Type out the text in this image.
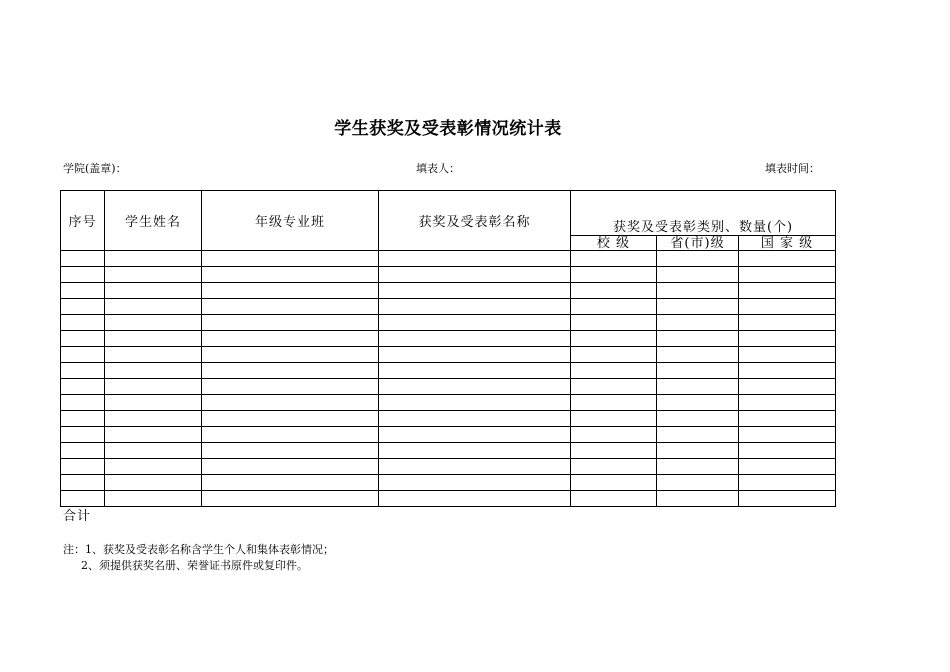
学生获奖及受表彰情况统计表
学院(盖章)：	填表人：	填表时间：
序号	学生姓名	年级专业班	获奖及受表彰名称	获奖及受表彰类别、数量(个)		

				校 级	省(市)级	国 家 级

合计
注：1、获奖及受表彰名称含学生个人和集体表彰情况；
2、须提供获奖名册、荣誉证书原件或复印件。
